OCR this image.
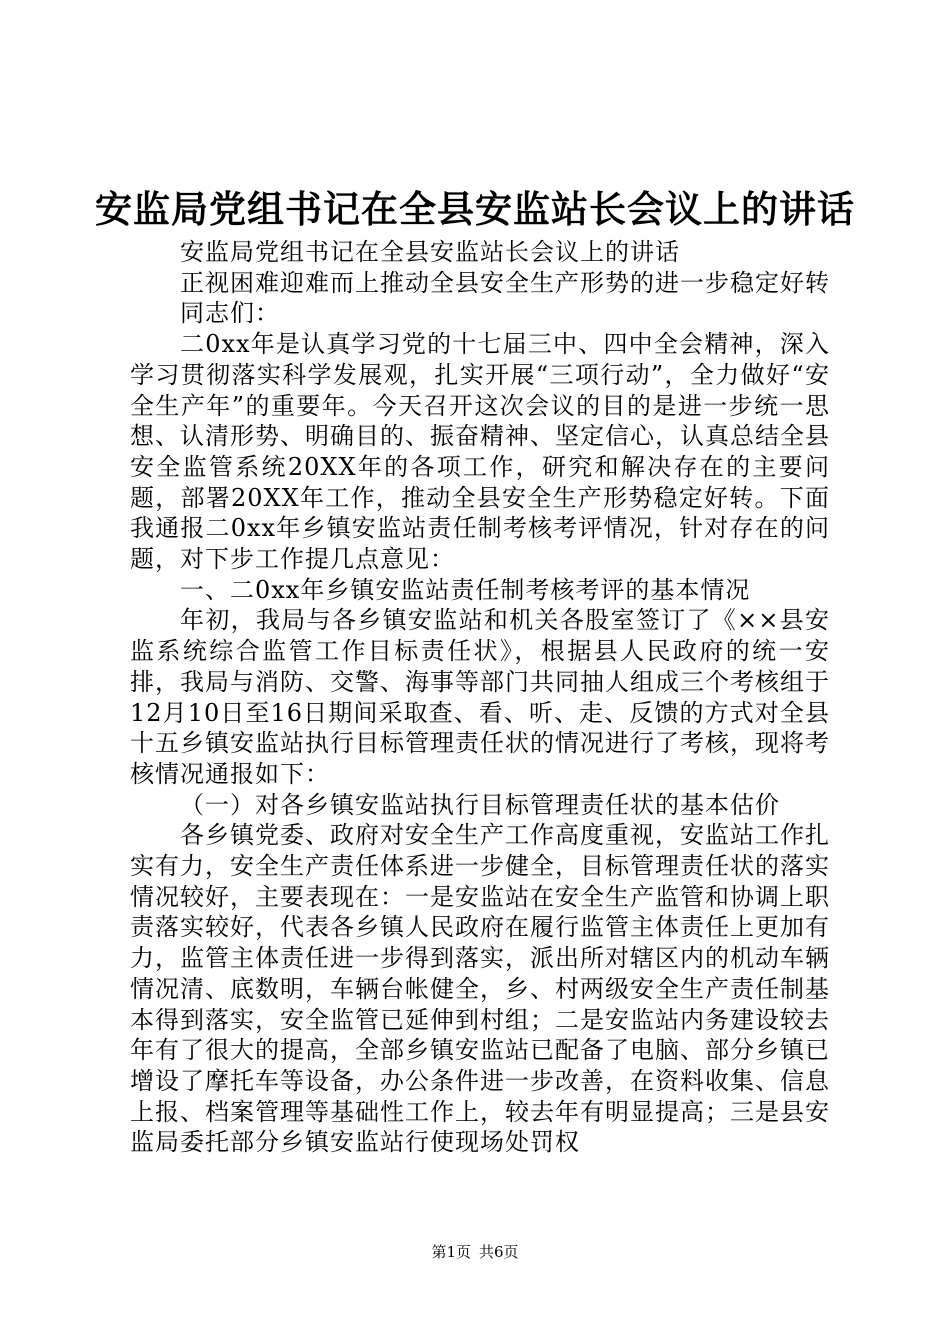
安监局党组书记在全县安监站长会议上的讲话

安监局党组书记在全县安监站长会议上的讲话

正视困难迎难而上推动全县安全生产形势的进一步稳定好转

同志们：

二0xx年是认真学习党的十七届三中、四中全会精神，深入学习贯彻落实科学发展观，扎实开展“三项行动”，全力做好“安全生产年”的重要年。今天召开这次会议的目的是进一步统一思想、认清形势、明确目的、振奋精神、坚定信心，认真总结全县安全监管系统20XX年的各项工作，研究和解决存在的主要问题，部署20XX年工作，推动全县安全生产形势稳定好转。下面我通报二0xx年乡镇安监站责任制考核考评情况，针对存在的问题，对下步工作提几点意见：

一、二0xx年乡镇安监站责任制考核考评的基本情况

年初，我局与各乡镇安监站和机关各股室签订了《××县安监系统综合监管工作目标责任状》，根据县人民政府的统一安排，我局与消防、交警、海事等部门共同抽人组成三个考核组于12月10日至16日期间采取查、看、听、走、反馈的方式对全县十五乡镇安监站执行目标管理责任状的情况进行了考核，现将考核情况通报如下：

（一）对各乡镇安监站执行目标管理责任状的基本估价

各乡镇党委、政府对安全生产工作高度重视，安监站工作扎实有力，安全生产责任体系进一步健全，目标管理责任状的落实情况较好，主要表现在：一是安监站在安全生产监管和协调上职责落实较好，代表各乡镇人民政府在履行监管主体责任上更加有力，监管主体责任进一步得到落实，派出所对辖区内的机动车辆情况清、底数明，车辆台帐健全，乡、村两级安全生产责任制基本得到落实，安全监管已延伸到村组；二是安监站内务建设较去年有了很大的提高，全部乡镇安监站已配备了电脑、部分乡镇已增设了摩托车等设备，办公条件进一步改善，在资料收集、信息上报、档案管理等基础性工作上，较去年有明显提高；三是县安监局委托部分乡镇安监站行使现场处罚权

第1页 共6页
